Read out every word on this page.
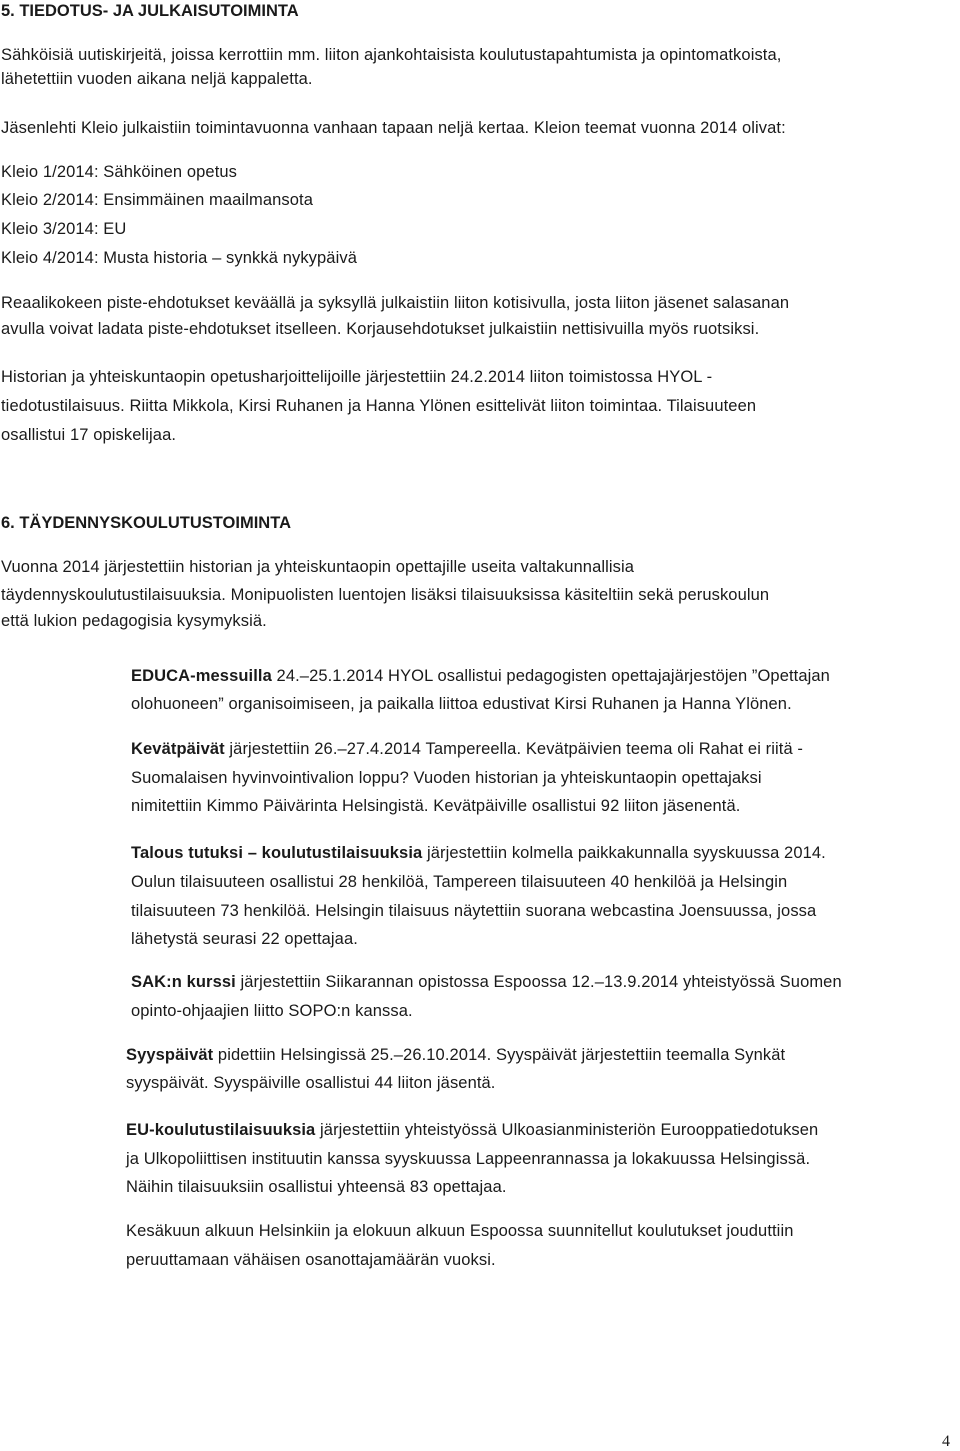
5. TIEDOTUS- JA JULKAISUTOIMINTA
Sähköisiä uutiskirjeitä, joissa kerrottiin mm. liiton ajankohtaisista koulutustapahtumista ja opintomatkoista,
lähetettiin vuoden aikana neljä kappaletta.
Jäsenlehti Kleio julkaistiin toimintavuonna vanhaan tapaan neljä kertaa. Kleion teemat vuonna 2014 olivat:
Kleio 1/2014: Sähköinen opetus
Kleio 2/2014: Ensimmäinen maailmansota
Kleio 3/2014: EU
Kleio 4/2014: Musta historia – synkkä nykypäivä
Reaalikokeen piste-ehdotukset keväällä ja syksyllä julkaistiin liiton kotisivulla, josta liiton jäsenet salasanan
avulla voivat ladata piste-ehdotukset itselleen. Korjausehdotukset julkaistiin nettisivuilla myös ruotsiksi.
Historian ja yhteiskuntaopin opetusharjoittelijoille järjestettiin 24.2.2014 liiton toimistossa HYOL -
tiedotustilaisuus. Riitta Mikkola, Kirsi Ruhanen ja Hanna Ylönen esittelivät liiton toimintaa. Tilaisuuteen
osallistui 17 opiskelijaa.
6. TÄYDENNYSKOULUTUSTOIMINTA
Vuonna 2014 järjestettiin historian ja yhteiskuntaopin opettajille useita valtakunnallisia
täydennyskoulutustilaisuuksia. Monipuolisten luentojen lisäksi tilaisuuksissa käsiteltiin sekä peruskoulun
että lukion pedagogisia kysymyksiä.
EDUCA-messuilla 24.–25.1.2014 HYOL osallistui pedagogisten opettajajärjestöjen ”Opettajan
olohuoneen” organisoimiseen, ja paikalla liittoa edustivat Kirsi Ruhanen ja Hanna Ylönen.
Kevätpäivät järjestettiin 26.–27.4.2014 Tampereella. Kevätpäivien teema oli Rahat ei riitä -
Suomalaisen hyvinvointivalion loppu? Vuoden historian ja yhteiskuntaopin opettajaksi
nimitettiin Kimmo Päivärinta Helsingistä. Kevätpäiville osallistui 92 liiton jäsenentä.
Talous tutuksi – koulutustilaisuuksia järjestettiin kolmella paikkakunnalla syyskuussa 2014.
Oulun tilaisuuteen osallistui 28 henkilöä, Tampereen tilaisuuteen 40 henkilöä ja Helsingin
tilaisuuteen 73 henkilöä. Helsingin tilaisuus näytettiin suorana webcastina Joensuussa, jossa
lähetystä seurasi 22 opettajaa.
SAK:n kurssi järjestettiin Siikarannan opistossa Espoossa 12.–13.9.2014 yhteistyössä Suomen
opinto-ohjaajien liitto SOPO:n kanssa.
Syyspäivät pidettiin Helsingissä 25.–26.10.2014. Syyspäivät järjestettiin teemalla Synkät
syyspäivät. Syyspäiville osallistui 44 liiton jäsentä.
EU-koulutustilaisuuksia järjestettiin yhteistyössä Ulkoasianministeriön Eurooppatiedotuksen
ja Ulkopoliittisen instituutin kanssa syyskuussa Lappeenrannassa ja lokakuussa Helsingissä.
Näihin tilaisuuksiin osallistui yhteensä 83 opettajaa.
Kesäkuun alkuun Helsinkiin ja elokuun alkuun Espoossa suunnitellut koulutukset jouduttiin
peruuttamaan vähäisen osanottajamäärän vuoksi.
4
